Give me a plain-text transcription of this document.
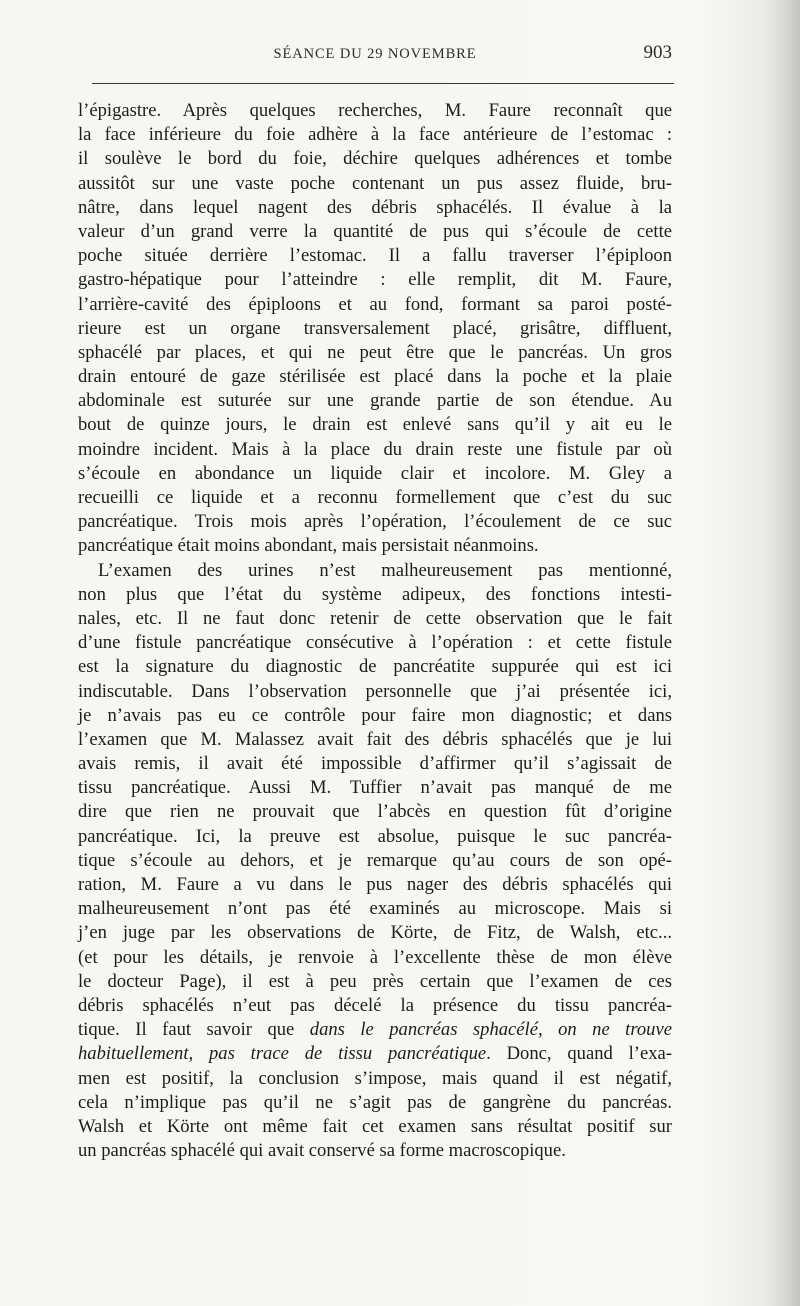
SÉANCE DU 29 NOVEMBRE	903
l’épigastre. Après quelques recherches, M. Faure reconnaît que
la face inférieure du foie adhère à la face antérieure de l’estomac :
il soulève le bord du foie, déchire quelques adhérences et tombe
aussitôt sur une vaste poche contenant un pus assez fluide, bru-
nâtre, dans lequel nagent des débris sphacélés. Il évalue à la
valeur d’un grand verre la quantité de pus qui s’écoule de cette
poche située derrière l’estomac. Il a fallu traverser l’épiploon
gastro-hépatique pour l’atteindre : elle remplit, dit M. Faure,
l’arrière-cavité des épiploons et au fond, formant sa paroi posté-
rieure est un organe transversalement placé, grisâtre, diffluent,
sphacélé par places, et qui ne peut être que le pancréas. Un gros
drain entouré de gaze stérilisée est placé dans la poche et la plaie
abdominale est suturée sur une grande partie de son étendue. Au
bout de quinze jours, le drain est enlevé sans qu’il y ait eu le
moindre incident. Mais à la place du drain reste une fistule par où
s’écoule en abondance un liquide clair et incolore. M. Gley a
recueilli ce liquide et a reconnu formellement que c’est du suc
pancréatique. Trois mois après l’opération, l’écoulement de ce suc
pancréatique était moins abondant, mais persistait néanmoins.
L’examen des urines n’est malheureusement pas mentionné,
non plus que l’état du système adipeux, des fonctions intesti-
nales, etc. Il ne faut donc retenir de cette observation que le fait
d’une fistule pancréatique consécutive à l’opération : et cette fistule
est la signature du diagnostic de pancréatite suppurée qui est ici
indiscutable. Dans l’observation personnelle que j’ai présentée ici,
je n’avais pas eu ce contrôle pour faire mon diagnostic; et dans
l’examen que M. Malassez avait fait des débris sphacélés que je lui
avais remis, il avait été impossible d’affirmer qu’il s’agissait de
tissu pancréatique. Aussi M. Tuffier n’avait pas manqué de me
dire que rien ne prouvait que l’abcès en question fût d’origine
pancréatique. Ici, la preuve est absolue, puisque le suc pancréa-
tique s’écoule au dehors, et je remarque qu’au cours de son opé-
ration, M. Faure a vu dans le pus nager des débris sphacélés qui
malheureusement n’ont pas été examinés au microscope. Mais si
j’en juge par les observations de Körte, de Fitz, de Walsh, etc...
(et pour les détails, je renvoie à l’excellente thèse de mon élève
le docteur Page), il est à peu près certain que l’examen de ces
débris sphacélés n’eut pas décelé la présence du tissu pancréa-
tique. Il faut savoir que dans le pancréas sphacélé, on ne trouve
habituellement, pas trace de tissu pancréatique. Donc, quand l’exa-
men est positif, la conclusion s’impose, mais quand il est négatif,
cela n’implique pas qu’il ne s’agit pas de gangrène du pancréas.
Walsh et Körte ont même fait cet examen sans résultat positif sur
un pancréas sphacélé qui avait conservé sa forme macroscopique.
